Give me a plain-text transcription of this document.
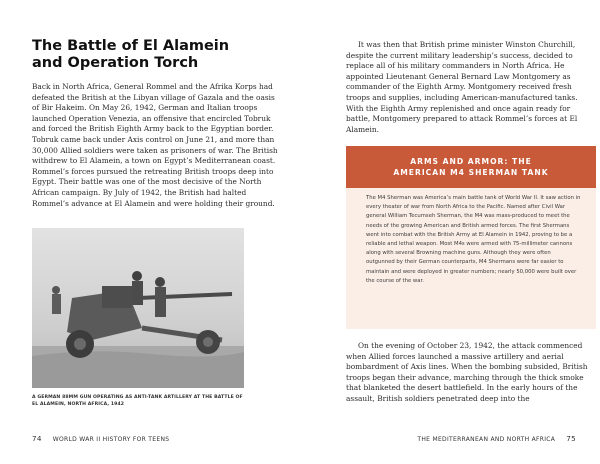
The Battle of El Alamein and Operation Torch

Back in North Africa, General Rommel and the Afrika Korps had defeated the British at the Libyan village of Gazala and the oasis of Bir Hakeim. On May 26, 1942, German and Italian troops launched Operation Venezia, an offensive that encircled Tobruk and forced the British Eighth Army back to the Egyptian border. Tobruk came back under Axis control on June 21, and more than 30,000 Allied soldiers were taken as prisoners of war. The British withdrew to El Alamein, a town on Egypt’s Mediterranean coast. Rommel’s forces pursued the retreating British troops deep into Egypt. Their battle was one of the most decisive of the North African campaign. By July of 1942, the British had halted Rommel’s advance at El Alamein and were holding their ground.

A GERMAN 88MM GUN OPERATING AS ANTI-TANK ARTILLERY AT THE BATTLE OF EL ALAMEIN, NORTH AFRICA, 1942

74 WORLD WAR II HISTORY FOR TEENS

It was then that British prime minister Winston Churchill, despite the current military leadership’s success, decided to replace all of his military commanders in North Africa. He appointed Lieutenant General Bernard Law Montgomery as commander of the Eighth Army. Montgomery received fresh troops and supplies, including American-manufactured tanks. With the Eighth Army replenished and once again ready for battle, Montgomery prepared to attack Rommel’s forces at El Alamein.

ARMS AND ARMOR: THE AMERICAN M4 SHERMAN TANK

The M4 Sherman was America’s main battle tank of World War II. It saw action in every theater of war from North Africa to the Pacific. Named after Civil War general William Tecumseh Sherman, the M4 was mass-produced to meet the needs of the growing American and British armed forces. The first Shermans went into combat with the British Army at El Alamein in 1942, proving to be a reliable and lethal weapon. Most M4s were armed with 75-millimeter cannons along with several Browning machine guns. Although they were often outgunned by their German counterparts, M4 Shermans were far easier to maintain and were deployed in greater numbers; nearly 50,000 were built over the course of the war.

On the evening of October 23, 1942, the attack commenced when Allied forces launched a massive artillery and aerial bombardment of Axis lines. When the bombing subsided, British troops began their advance, marching through the thick smoke that blanketed the desert battlefield. In the early hours of the assault, British soldiers penetrated deep into the

THE MEDITERRANEAN AND NORTH AFRICA 75
